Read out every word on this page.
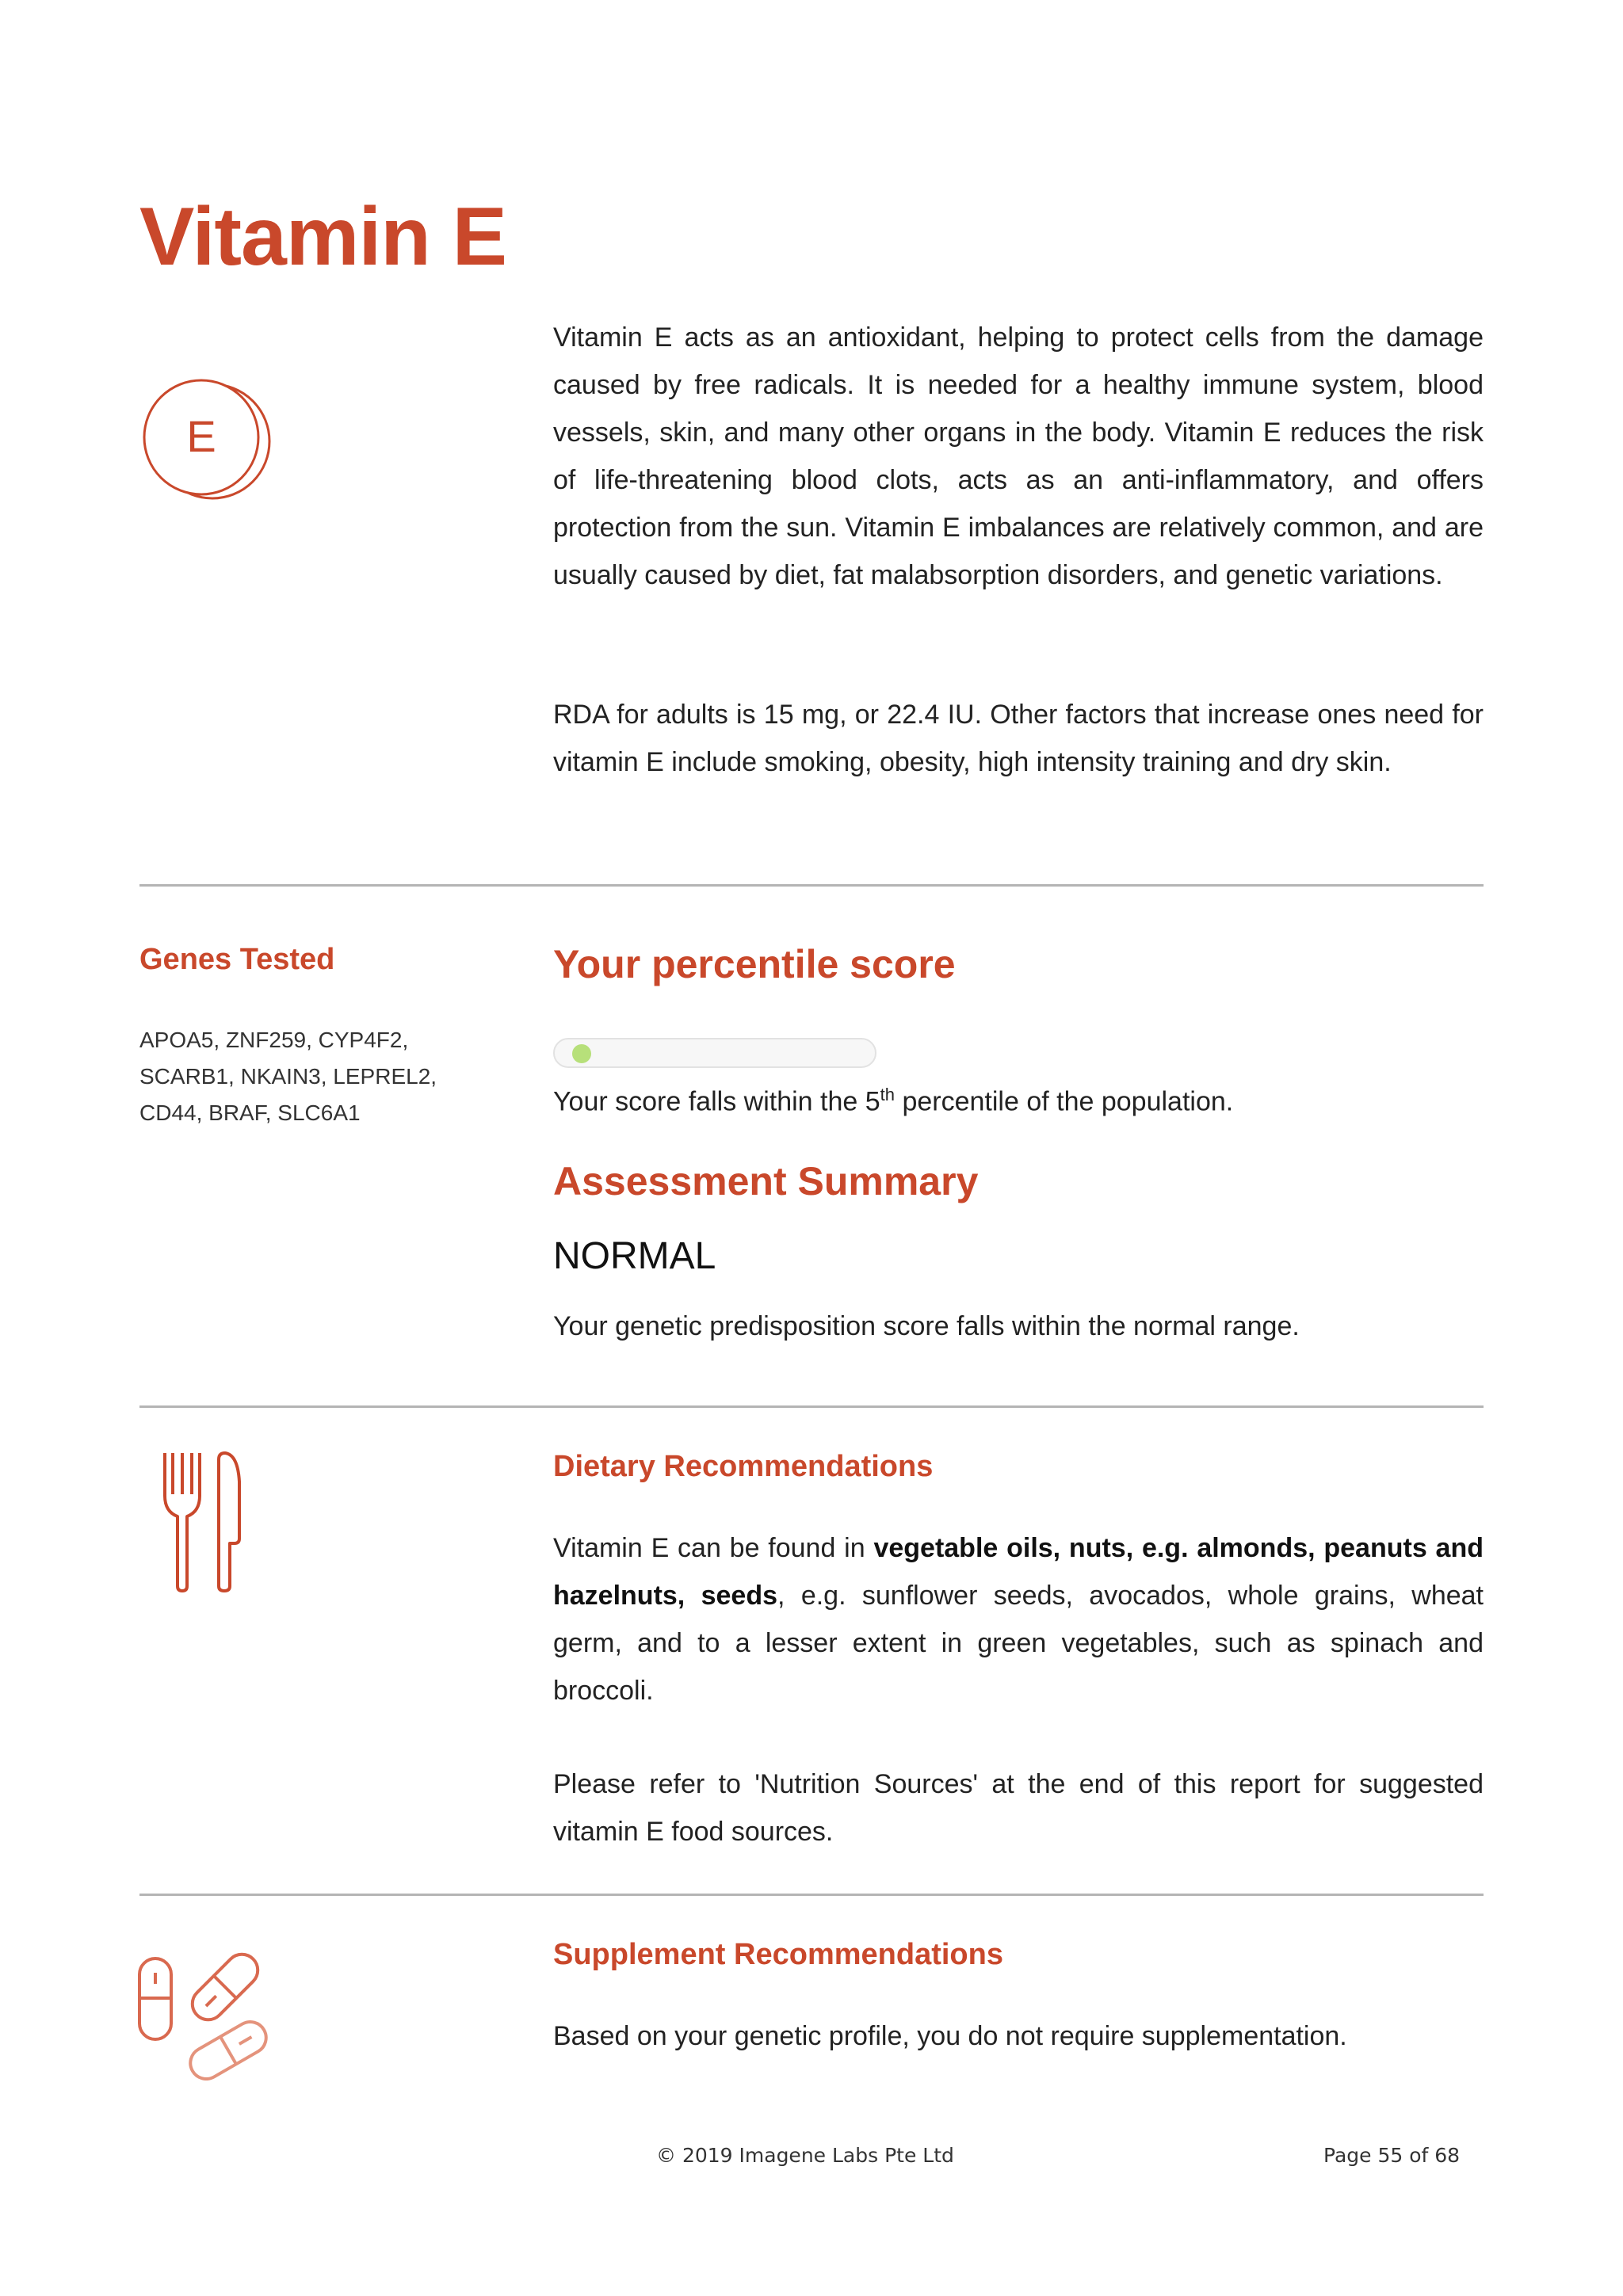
Vitamin E
E

Vitamin E acts as an antioxidant, helping to protect cells from the damage caused by free radicals. It is needed for a healthy immune system, blood vessels, skin, and many other organs in the body. Vitamin E reduces the risk of life-threatening blood clots, acts as an anti-inflammatory, and offers protection from the sun. Vitamin E imbalances are relatively common, and are usually caused by diet, fat malabsorption disorders, and genetic variations.

RDA for adults is 15 mg, or 22.4 IU. Other factors that increase ones need for vitamin E include smoking, obesity, high intensity training and dry skin.

Genes Tested

APOA5, ZNF259, CYP4F2, SCARB1, NKAIN3, LEPREL2, CD44, BRAF, SLC6A1

Your percentile score

Your score falls within the 5th percentile of the population.

Assessment Summary

NORMAL

Your genetic predisposition score falls within the normal range.

Dietary Recommendations

Vitamin E can be found in vegetable oils, nuts, e.g. almonds, peanuts and hazelnuts, seeds, e.g. sunflower seeds, avocados, whole grains, wheat germ, and to a lesser extent in green vegetables, such as spinach and broccoli.

Please refer to 'Nutrition Sources' at the end of this report for suggested vitamin E food sources.

Supplement Recommendations

Based on your genetic profile, you do not require supplementation.

© 2019 Imagene Labs Pte Ltd	Page 55 of 68
